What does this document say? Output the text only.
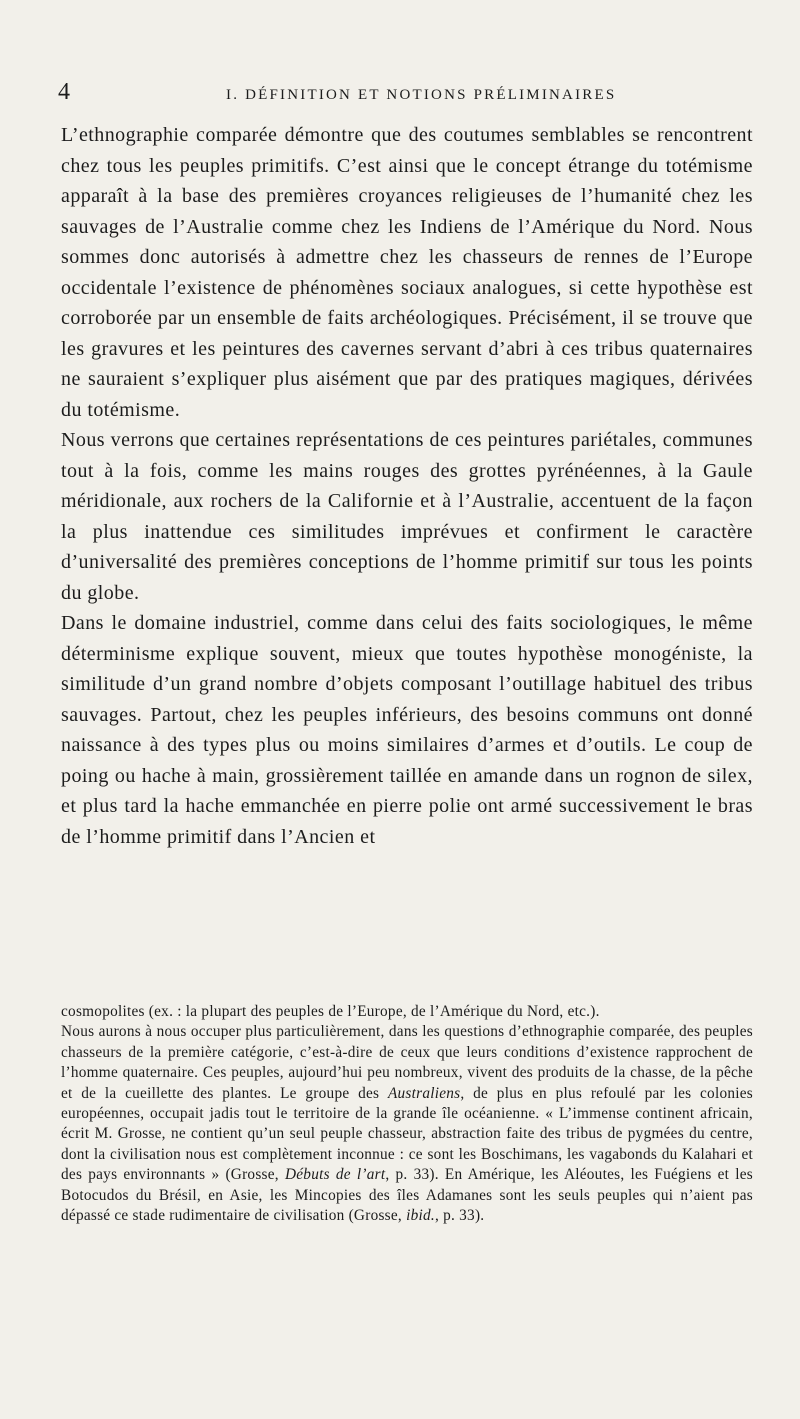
4	I. DÉFINITION ET NOTIONS PRÉLIMINAIRES

L’ethnographie comparée démontre que des coutumes semblables se rencontrent chez tous les peuples primitifs. C’est ainsi que le concept étrange du totémisme apparaît à la base des premières croyances religieuses de l’humanité chez les sauvages de l’Australie comme chez les Indiens de l’Amérique du Nord. Nous sommes donc autorisés à admettre chez les chasseurs de rennes de l’Europe occidentale l’existence de phénomènes sociaux analogues, si cette hypothèse est corroborée par un ensemble de faits archéologiques. Précisément, il se trouve que les gravures et les peintures des cavernes servant d’abri à ces tribus quaternaires ne sauraient s’expliquer plus aisément que par des pratiques magiques, dérivées du totémisme.

Nous verrons que certaines représentations de ces peintures pariétales, communes tout à la fois, comme les mains rouges des grottes pyrénéennes, à la Gaule méridionale, aux rochers de la Californie et à l’Australie, accentuent de la façon la plus inattendue ces similitudes imprévues et confirment le caractère d’universalité des premières conceptions de l’homme primitif sur tous les points du globe.

Dans le domaine industriel, comme dans celui des faits sociologiques, le même déterminisme explique souvent, mieux que toutes hypothèse monogéniste, la similitude d’un grand nombre d’objets composant l’outillage habituel des tribus sauvages. Partout, chez les peuples inférieurs, des besoins communs ont donné naissance à des types plus ou moins similaires d’armes et d’outils. Le coup de poing ou hache à main, grossièrement taillée en amande dans un rognon de silex, et plus tard la hache emmanchée en pierre polie ont armé successivement le bras de l’homme primitif dans l’Ancien et

cosmopolites (ex. : la plupart des peuples de l’Europe, de l’Amérique du Nord, etc.).

Nous aurons à nous occuper plus particulièrement, dans les questions d’ethnographie comparée, des peuples chasseurs de la première catégorie, c’est-à-dire de ceux que leurs conditions d’existence rapprochent de l’homme quaternaire. Ces peuples, aujourd’hui peu nombreux, vivent des produits de la chasse, de la pêche et de la cueillette des plantes. Le groupe des Australiens, de plus en plus refoulé par les colonies européennes, occupait jadis tout le territoire de la grande île océanienne. « L’immense continent africain, écrit M. Grosse, ne contient qu’un seul peuple chasseur, abstraction faite des tribus de pygmées du centre, dont la civilisation nous est complètement inconnue : ce sont les Boschimans, les vagabonds du Kalahari et des pays environnants » (Grosse, Débuts de l’art, p. 33). En Amérique, les Aléoutes, les Fuégiens et les Botocudos du Brésil, en Asie, les Mincopies des îles Adamanes sont les seuls peuples qui n’aient pas dépassé ce stade rudimentaire de civilisation (Grosse, ibid., p. 33).
